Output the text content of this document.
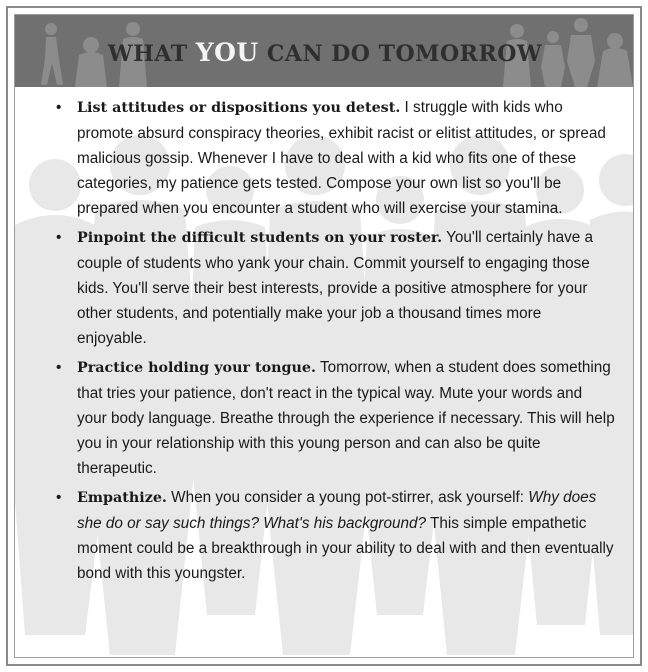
WHAT YOU CAN DO TOMORROW
•	List attitudes or dispositions you detest. I struggle with kids who promote absurd conspiracy theories, exhibit racist or elitist attitudes, or spread malicious gossip. Whenever I have to deal with a kid who fits one of these categories, my patience gets tested. Compose your own list so you'll be prepared when you encounter a student who will exercise your stamina.
•	Pinpoint the difficult students on your roster. You'll certainly have a couple of students who yank your chain. Commit yourself to engaging those kids. You'll serve their best interests, provide a positive atmosphere for your other students, and potentially make your job a thousand times more enjoyable.
•	Practice holding your tongue. Tomorrow, when a student does something that tries your patience, don't react in the typical way. Mute your words and your body language. Breathe through the experience if necessary. This will help you in your relationship with this young person and can also be quite therapeutic.
•	Empathize. When you consider a young pot-stirrer, ask yourself: Why does she do or say such things? What's his background? This simple empathetic moment could be a breakthrough in your ability to deal with and then eventually bond with this youngster.
